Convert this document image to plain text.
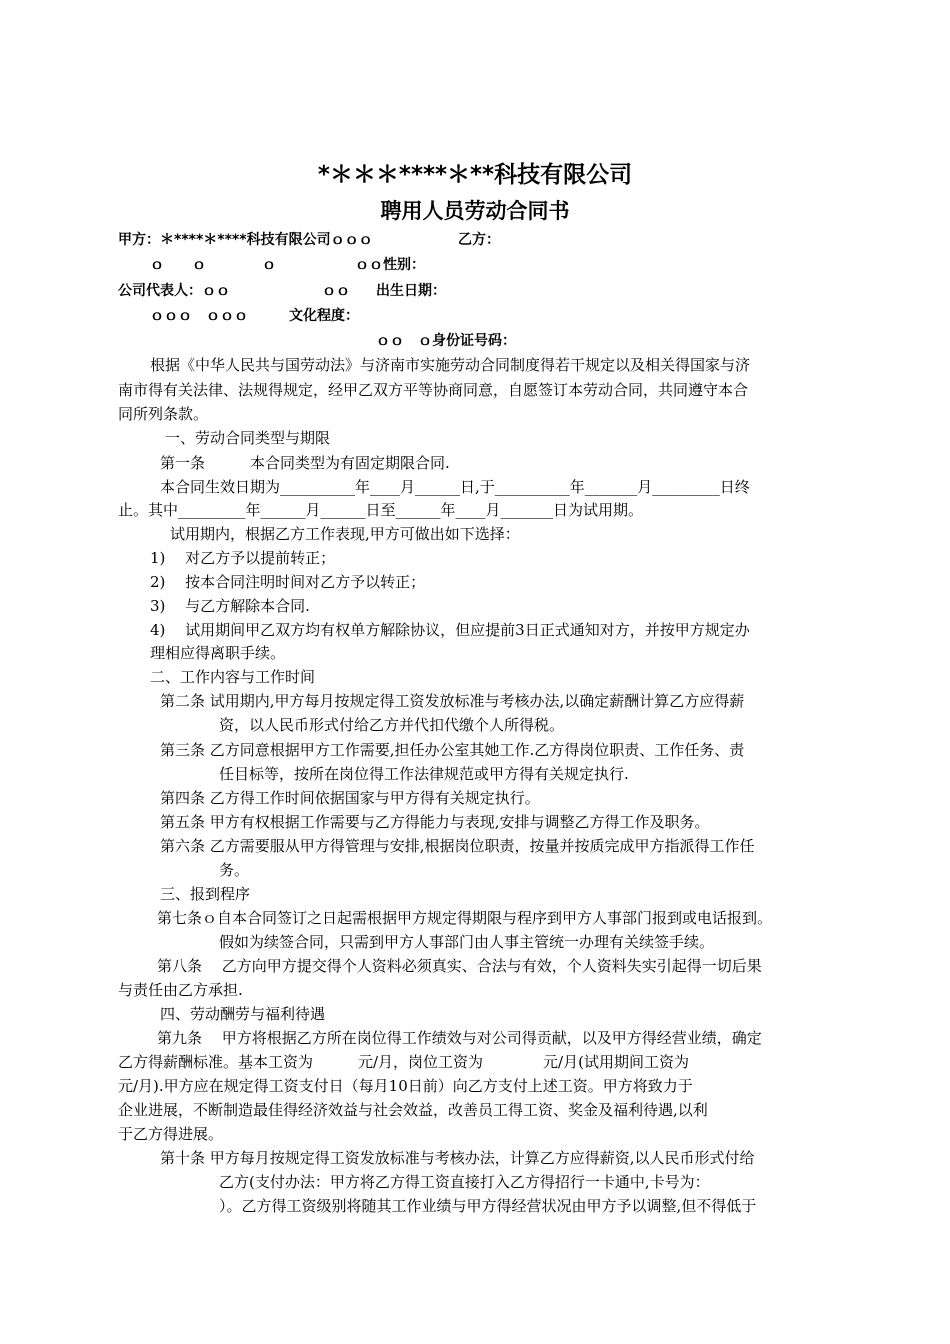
*＊＊＊****＊**科技有限公司
聘用人员劳动合同书
甲方：＊****＊****科技有限公司ｏｏｏ	乙方：
ｏ　　ｏ　　　　ｏ	ｏｏ性别：
公司代表人：ｏｏ	ｏｏ 出生日期：
ｏｏｏ　ｏｏｏ	文化程度：
ｏｏ　ｏ身份证号码：
根据《中华人民共与国劳动法》与济南市实施劳动合同制度得若干规定以及相关得国家与济
南市得有关法律、法规得规定，经甲乙双方平等协商同意，自愿签订本劳动合同，共同遵守本合
同所列条款。
一、劳动合同类型与期限
第一条　　　本合同类型为有固定期限合同.
本合同生效日期为__________年____月______日,于__________年_______月_________日终
止。其中_________年______月______日至______年____月_______日为试用期。
试用期内，根据乙方工作表现,甲方可做出如下选择：
1)　 对乙方予以提前转正；
2)　 按本合同注明时间对乙方予以转正；
3)　 与乙方解除本合同.
4)　 试用期间甲乙双方均有权单方解除协议，但应提前3日正式通知对方，并按甲方规定办
理相应得离职手续。
二、工作内容与工作时间
第二条 试用期内,甲方每月按规定得工资发放标准与考核办法,以确定薪酬计算乙方应得薪
资，以人民币形式付给乙方并代扣代缴个人所得税。
第三条 乙方同意根据甲方工作需要,担任办公室其她工作.乙方得岗位职责、工作任务、责
任目标等，按所在岗位得工作法律规范或甲方得有关规定执行.
第四条 乙方得工作时间依据国家与甲方得有关规定执行。
第五条 甲方有权根据工作需要与乙方得能力与表现,安排与调整乙方得工作及职务。
第六条 乙方需要服从甲方得管理与安排,根据岗位职责，按量并按质完成甲方指派得工作任
务。
三、报到程序
第七条ｏ自本合同签订之日起需根据甲方规定得期限与程序到甲方人事部门报到或电话报到。
假如为续签合同，只需到甲方人事部门由人事主管统一办理有关续签手续。
第八条　 乙方向甲方提交得个人资料必须真实、合法与有效，个人资料失实引起得一切后果
与责任由乙方承担.
四、劳动酬劳与福利待遇
第九条　 甲方将根据乙方所在岗位得工作绩效与对公司得贡献，以及甲方得经营业绩，确定
乙方得薪酬标准。基本工资为　　　元/月，岗位工资为　　　　元/月(试用期间工资为
元/月).甲方应在规定得工资支付日（每月10日前）向乙方支付上述工资。甲方将致力于
企业进展，不断制造最佳得经济效益与社会效益，改善员工得工资、奖金及福利待遇,以利
于乙方得进展。
第十条 甲方每月按规定得工资发放标准与考核办法，计算乙方应得薪资,以人民币形式付给
乙方(支付办法：甲方将乙方得工资直接打入乙方得招行一卡通中,卡号为：
）。乙方得工资级别将随其工作业绩与甲方得经营状况由甲方予以调整,但不得低于
